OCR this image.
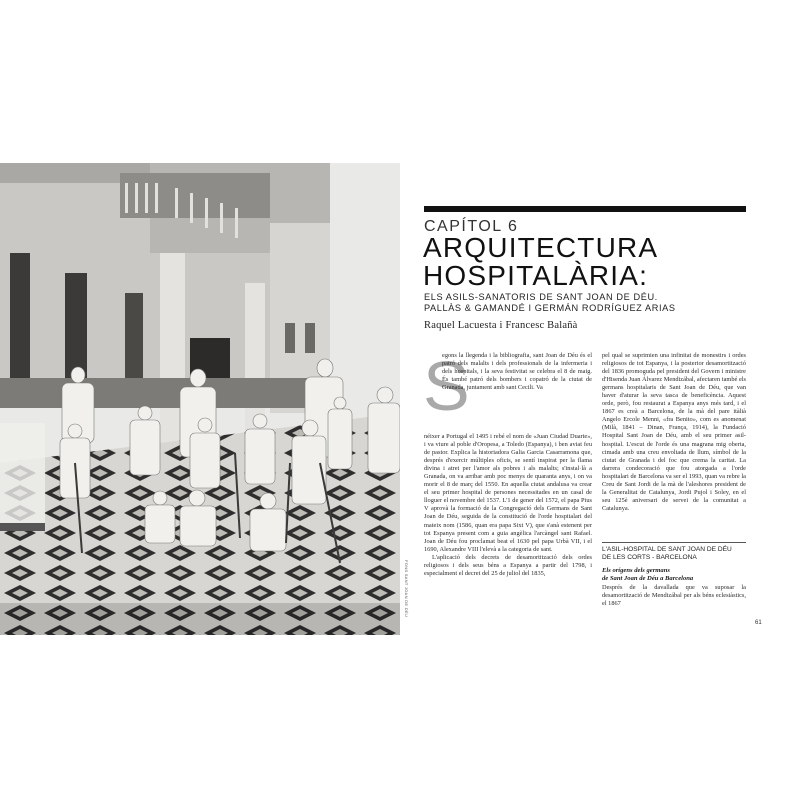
FONS SANT JOAN DE DÉU
CAPÍTOL 6
ARQUITECTURA
HOSPITALÀRIA:
ELS ASILS-SANATORIS DE SANT JOAN DE DÉU.
PALLÀS & GAMANDÉ I GERMÁN RODRÍGUEZ ARIAS
Raquel Lacuesta i Francesc Balañà
S

egons la llegenda i la bibliografia, sant Joan de Déu és el patró dels malalts i dels professionals de la infermeria i dels hospitals, i la seva festivitat se celebra el 8 de maig. És també patró dels bombers i copatró de la ciutat de Granada, juntament amb sant Cecili. Va

néixer a Portugal el 1495 i rebé el nom de «Juan Ciudad Duarte», i va viure al poble d'Oropesa, a Toledo (Espanya), i ben aviat feu de pastor. Explica la historiadora Galia Garcia Casarramona que, després d'exercir múltiples oficis, se sentí inspirat per la flama divina i atret per l'amor als pobres i als malalts; s'instal·là a Granada, on va arribar amb poc menys de quaranta anys, i on va morir el 8 de març del 1550. En aquella ciutat andalusa va crear el seu primer hospital de persones necessitades en un casal de lloguer el novembre del 1537. L'1 de gener del 1572, el papa Pius V aprovà la formació de la Congregació dels Germans de Sant Joan de Déu, seguida de la constitució de l'orde hospitalari del mateix nom (1586, quan era papa Sixt V), que s'anà estenent per tot Espanya present com a guia angèlica l'arcàngel sant Rafael. Joan de Déu fou proclamat beat el 1630 pel papa Urbà VII, i el 1690, Alexandre VIII l'elevà a la categoria de sant.

L'aplicació dels decrets de desamortització dels ordes religiosos i dels seus béns a Espanya a partir del 1798, i especialment el decret del 25 de juliol del 1835,

pel qual se suprimien una infinitat de monestirs i ordes religiosos de tot Espanya, i la posterior desamortització del 1836 promoguda pel president del Govern i ministre d'Hisenda Juan Álvarez Mendizábal, afectaren també els germans hospitalaris de Sant Joan de Déu, que van haver d'aturar la seva tasca de beneficència. Aquest orde, però, fou restaurat a Espanya anys més tard, i el 1867 es creà a Barcelona, de la mà del pare itàlià Angelo Ercole Menni, «fra Benito», com es anomenat (Milà, 1841 – Dinan, França, 1914), la Fundació Hospital Sant Joan de Déu, amb el seu primer asil-hospital. L'escut de l'orde és una magrana mig oberta, cimada amb una creu envoltada de llum, símbol de la ciutat de Granada i del foc que crema la caritat. La darrera condecoració que fou atorgada a l'orde hospitalari de Barcelona va ser el 1993, quan va rebre la Creu de Sant Jordi de la mà de l'aleshores president de la Generalitat de Catalunya, Jordi Pujol i Soley, en el seu 125è aniversari de servei de la comunitat a Catalunya.

L'ASIL-HOSPITAL DE SANT JOAN DE DÉU
DE LES CORTS - BARCELONA
Els orígens dels germans
de Sant Joan de Déu a Barcelona

Després de la davallada que va suposar la desamortització de Mendizábal per als béns eclesiàstics, el 1867

61
